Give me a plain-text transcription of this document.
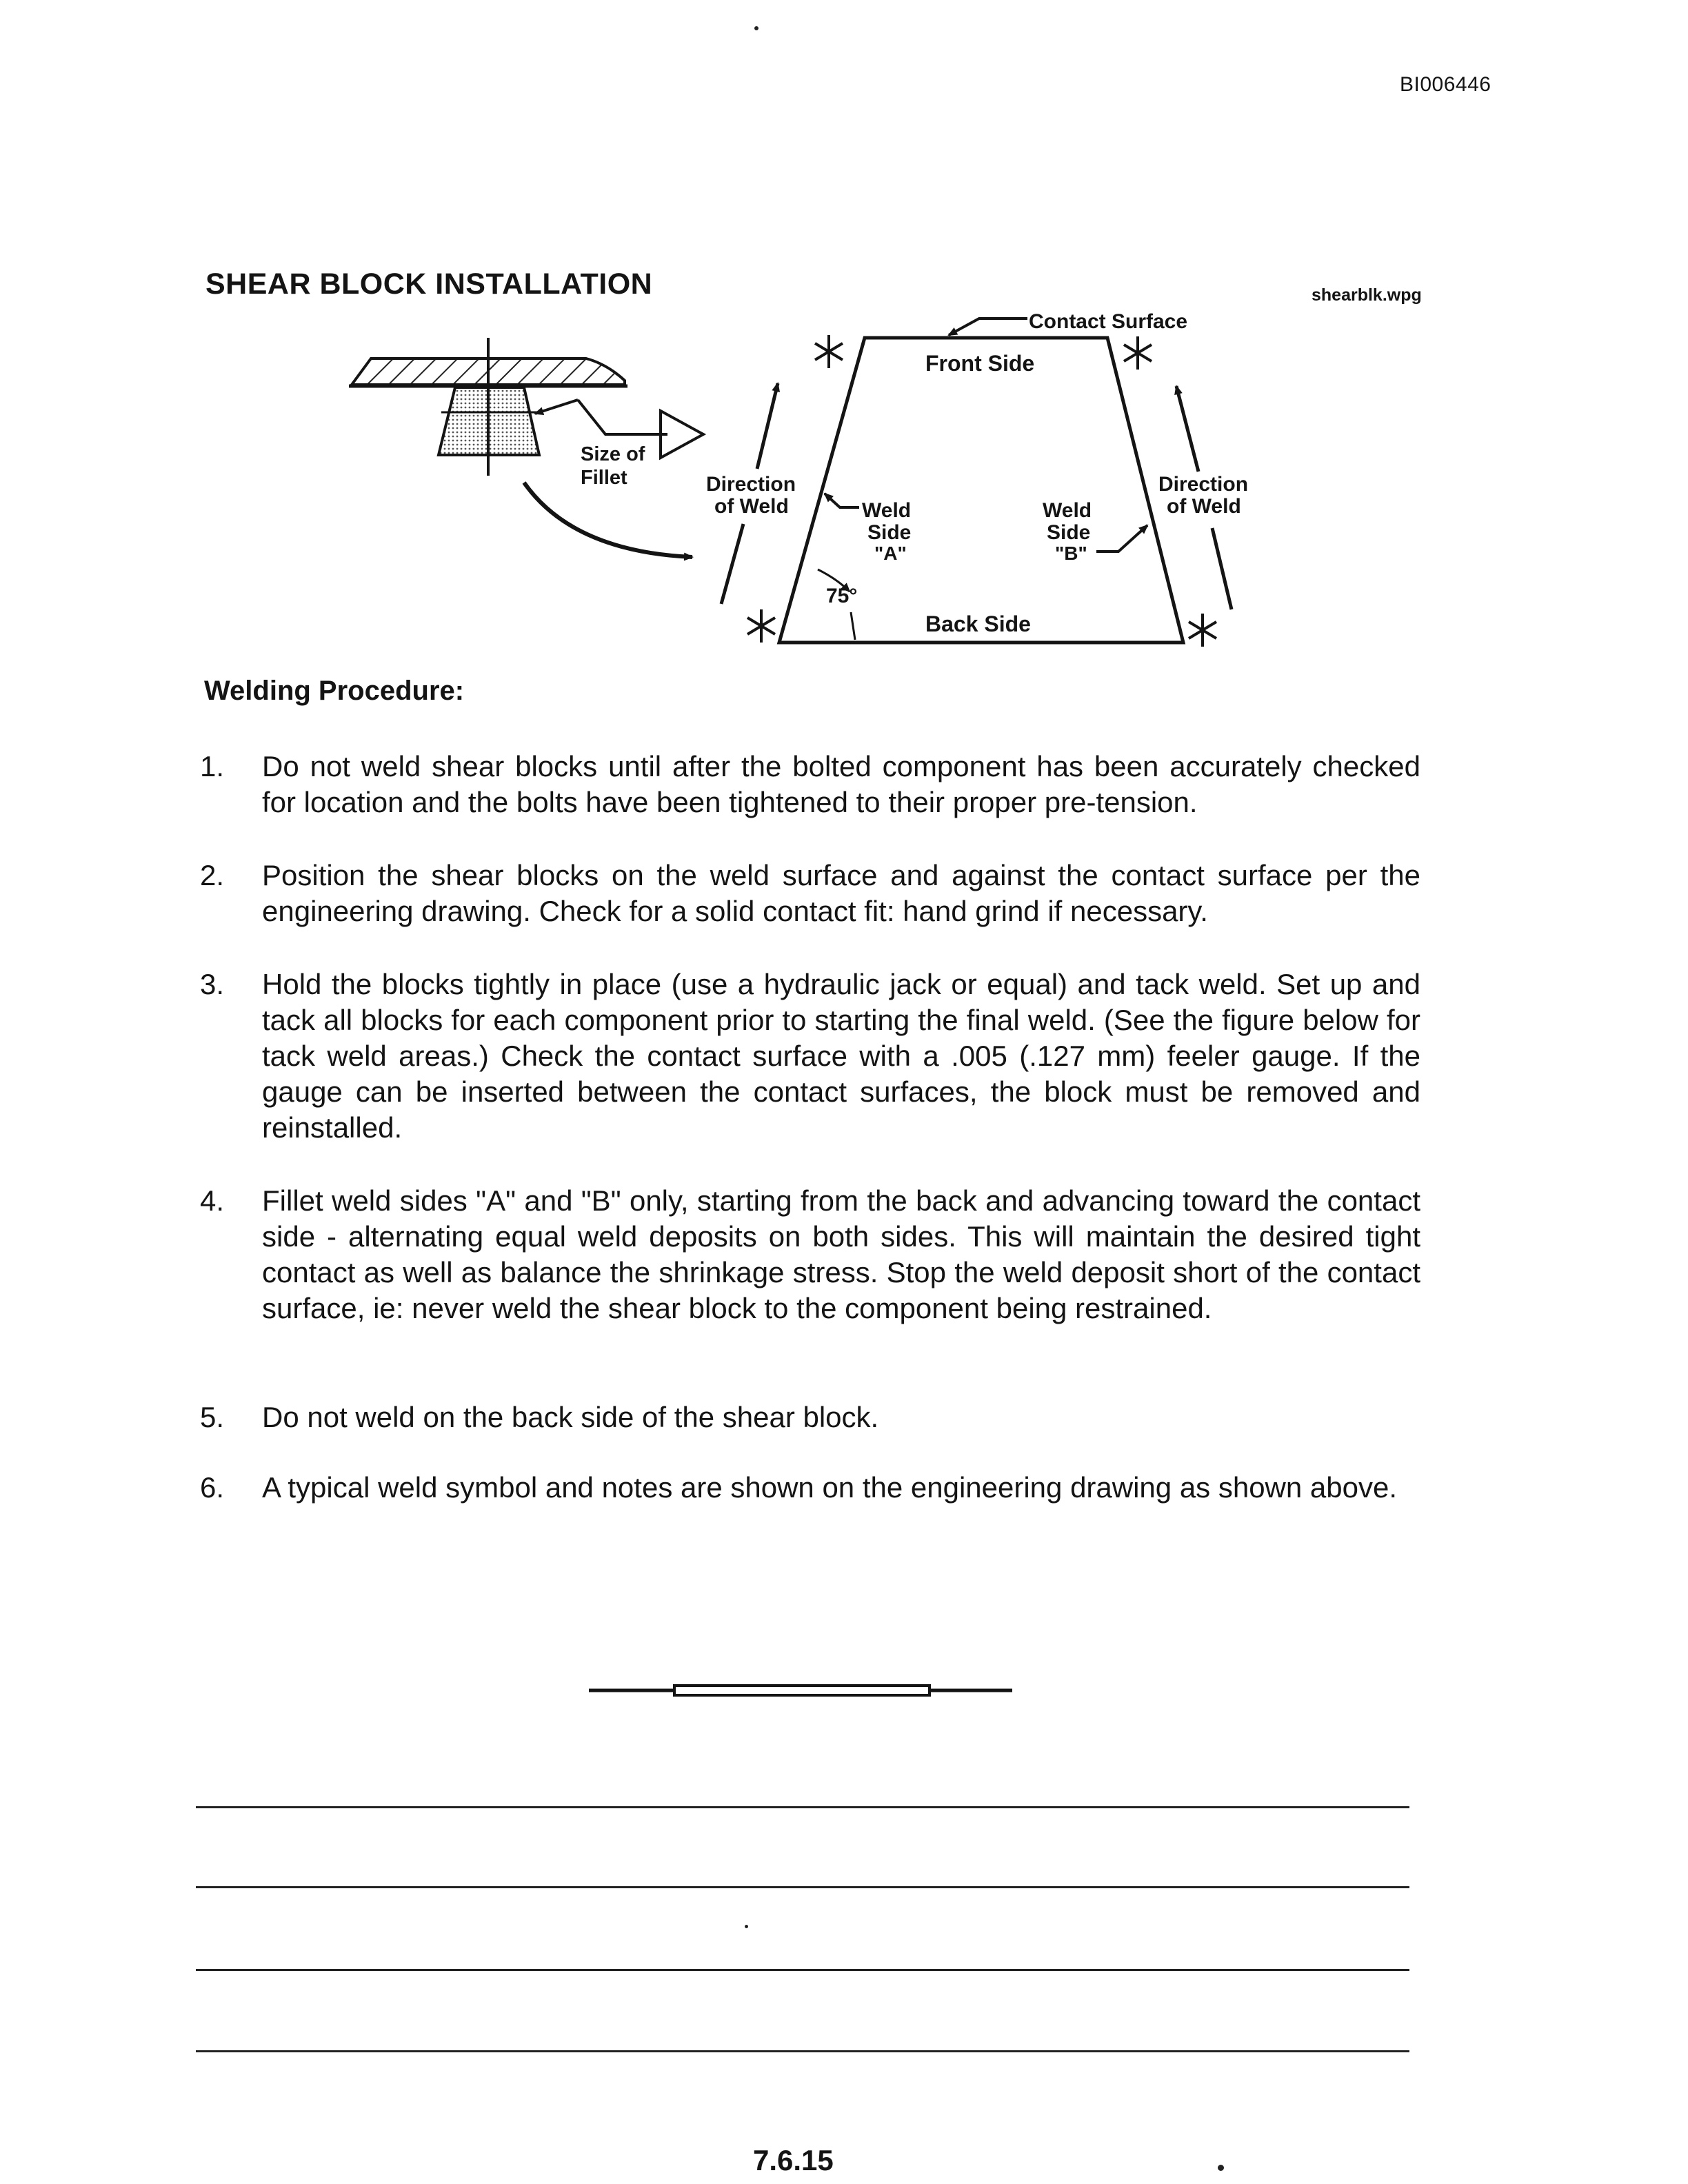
BI006446
SHEAR BLOCK INSTALLATION	shearblk.wpg
Size of
Fillet
Front Side
Back Side
Contact Surface
Weld
Side
"A"
Weld
Side
"B"
75°
Direction
of Weld
Direction
of Weld
Welding Procedure:
1.	Do not weld shear blocks until after the bolted component has been accurately checked for location and the bolts have been tightened to their proper pre-tension.
2.	Position the shear blocks on the weld surface and against the contact surface per the engineering drawing. Check for a solid contact fit: hand grind if necessary.
3.	Hold the blocks tightly in place (use a hydraulic jack or equal) and tack weld. Set up and tack all blocks for each component prior to starting the final weld. (See the figure below for tack weld areas.) Check the contact surface with a .005 (.127 mm) feeler gauge. If the gauge can be inserted between the contact surfaces, the block must be removed and reinstalled.
4.	Fillet weld sides "A" and "B" only, starting from the back and advancing toward the contact side - alternating equal weld deposits on both sides. This will maintain the desired tight contact as well as balance the shrinkage stress. Stop the weld deposit short of the contact surface, ie: never weld the shear block to the component being restrained.
5.	Do not weld on the back side of the shear block.
6.	A typical weld symbol and notes are shown on the engineering drawing as shown above.
7.6.15
